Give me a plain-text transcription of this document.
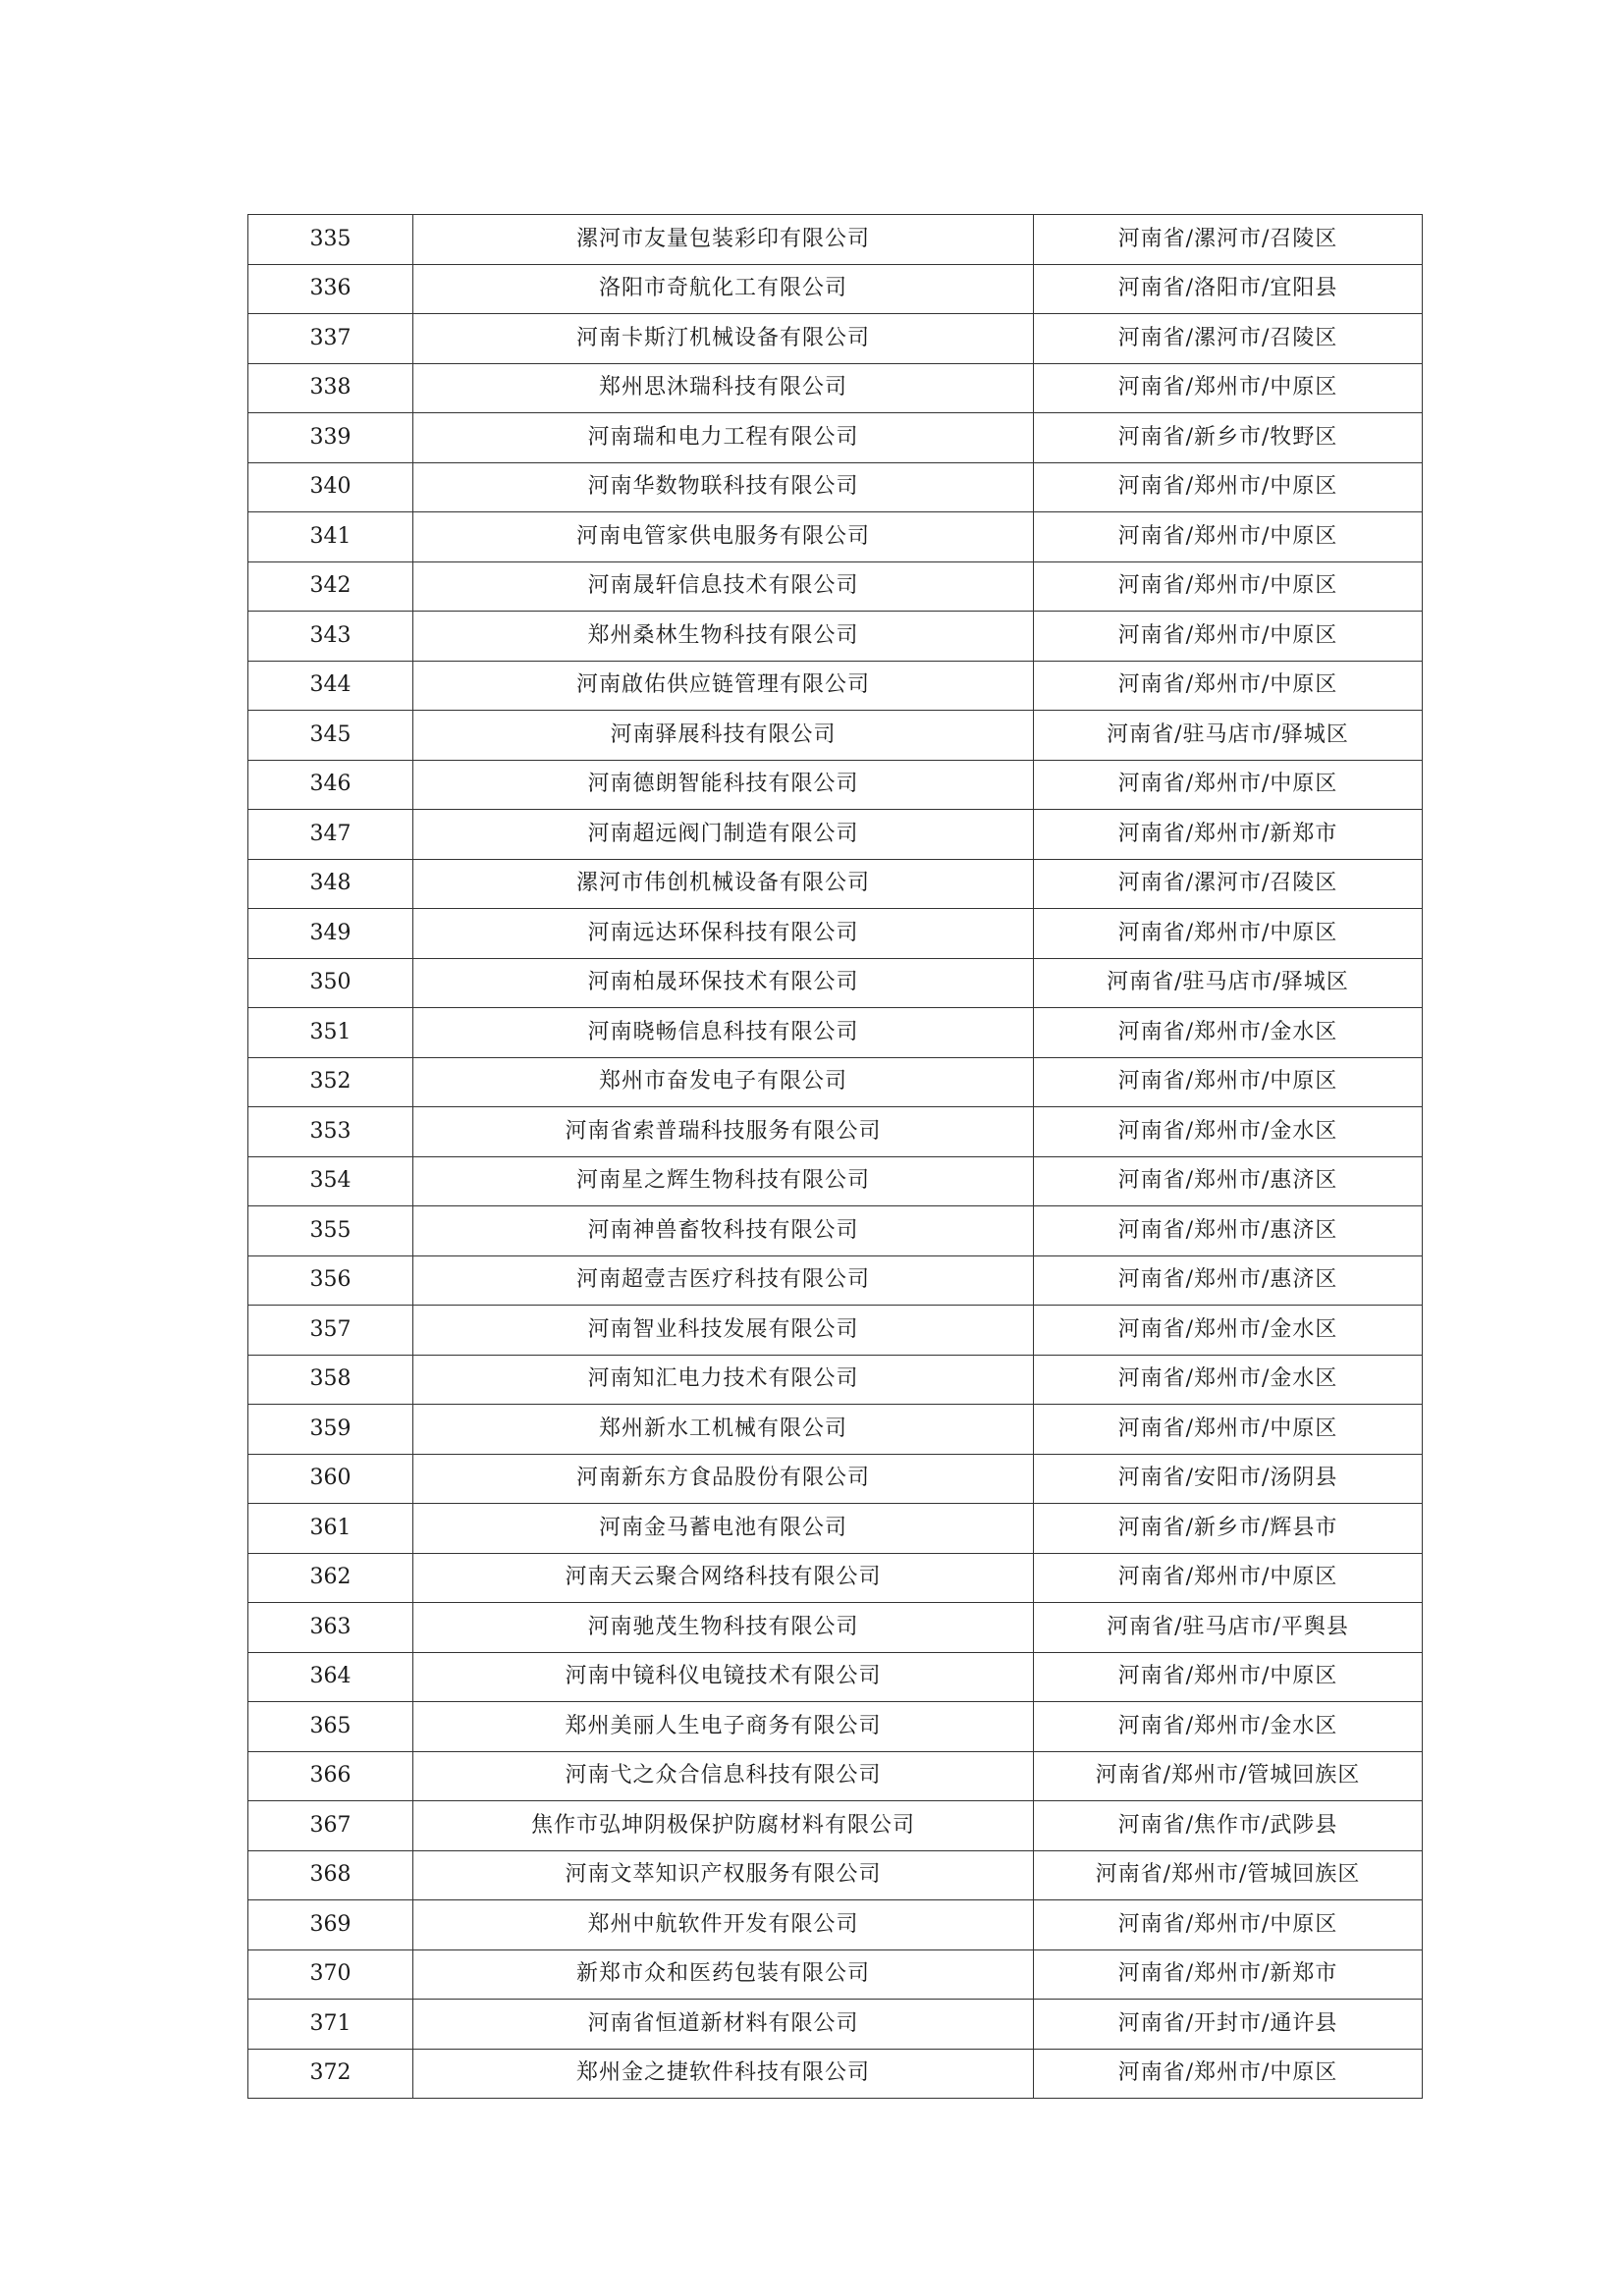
335	漯河市友量包装彩印有限公司	河南省/漯河市/召陵区
336	洛阳市奇航化工有限公司	河南省/洛阳市/宜阳县
337	河南卡斯汀机械设备有限公司	河南省/漯河市/召陵区
338	郑州思沐瑞科技有限公司	河南省/郑州市/中原区
339	河南瑞和电力工程有限公司	河南省/新乡市/牧野区
340	河南华数物联科技有限公司	河南省/郑州市/中原区
341	河南电管家供电服务有限公司	河南省/郑州市/中原区
342	河南晟轩信息技术有限公司	河南省/郑州市/中原区
343	郑州桑林生物科技有限公司	河南省/郑州市/中原区
344	河南啟佑供应链管理有限公司	河南省/郑州市/中原区
345	河南驿展科技有限公司	河南省/驻马店市/驿城区
346	河南德朗智能科技有限公司	河南省/郑州市/中原区
347	河南超远阀门制造有限公司	河南省/郑州市/新郑市
348	漯河市伟创机械设备有限公司	河南省/漯河市/召陵区
349	河南远达环保科技有限公司	河南省/郑州市/中原区
350	河南柏晟环保技术有限公司	河南省/驻马店市/驿城区
351	河南晓畅信息科技有限公司	河南省/郑州市/金水区
352	郑州市奋发电子有限公司	河南省/郑州市/中原区
353	河南省索普瑞科技服务有限公司	河南省/郑州市/金水区
354	河南星之辉生物科技有限公司	河南省/郑州市/惠济区
355	河南神兽畜牧科技有限公司	河南省/郑州市/惠济区
356	河南超壹吉医疗科技有限公司	河南省/郑州市/惠济区
357	河南智业科技发展有限公司	河南省/郑州市/金水区
358	河南知汇电力技术有限公司	河南省/郑州市/金水区
359	郑州新水工机械有限公司	河南省/郑州市/中原区
360	河南新东方食品股份有限公司	河南省/安阳市/汤阴县
361	河南金马蓄电池有限公司	河南省/新乡市/辉县市
362	河南天云聚合网络科技有限公司	河南省/郑州市/中原区
363	河南驰茂生物科技有限公司	河南省/驻马店市/平舆县
364	河南中镜科仪电镜技术有限公司	河南省/郑州市/中原区
365	郑州美丽人生电子商务有限公司	河南省/郑州市/金水区
366	河南弋之众合信息科技有限公司	河南省/郑州市/管城回族区
367	焦作市弘坤阴极保护防腐材料有限公司	河南省/焦作市/武陟县
368	河南文萃知识产权服务有限公司	河南省/郑州市/管城回族区
369	郑州中航软件开发有限公司	河南省/郑州市/中原区
370	新郑市众和医药包装有限公司	河南省/郑州市/新郑市
371	河南省恒道新材料有限公司	河南省/开封市/通许县
372	郑州金之捷软件科技有限公司	河南省/郑州市/中原区
